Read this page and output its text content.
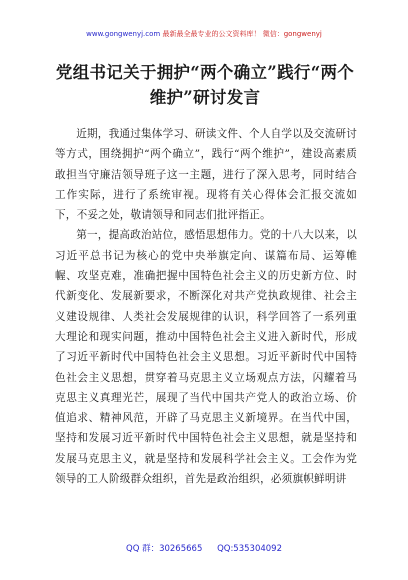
www.gongwenyj.com 最新最全最专业的公文资料库！ 微信：gongwenyj
党组书记关于拥护“两个确立”践行“两个维护”研讨发言

近期，我通过集体学习、研读文件、个人自学以及交流研讨等方式，围绕拥护“两个确立”，践行“两个维护”，建设高素质敢担当守廉洁领导班子这一主题，进行了深入思考，同时结合工作实际，进行了系统审视。现将有关心得体会汇报交流如下，不妥之处，敬请领导和同志们批评指正。

第一，提高政治站位，感悟思想伟力。党的十八大以来，以习近平总书记为核心的党中央举旗定向、谋篇布局、运筹帷幄、攻坚克难，准确把握中国特色社会主义的历史新方位、时代新变化、发展新要求，不断深化对共产党执政规律、社会主义建设规律、人类社会发展规律的认识，科学回答了一系列重大理论和现实问题，推动中国特色社会主义进入新时代，形成了习近平新时代中国特色社会主义思想。习近平新时代中国特色社会主义思想，贯穿着马克思主义立场观点方法，闪耀着马克思主义真理光芒，展现了当代中国共产党人的政治立场、价值追求、精神风范，开辟了马克思主义新境界。在当代中国，坚持和发展习近平新时代中国特色社会主义思想，就是坚持和发展马克思主义，就是坚持和发展科学社会主义。工会作为党领导的工人阶级群众组织，首先是政治组织，必须旗帜鲜明讲

QQ 群：30265665 QQ:535304092
